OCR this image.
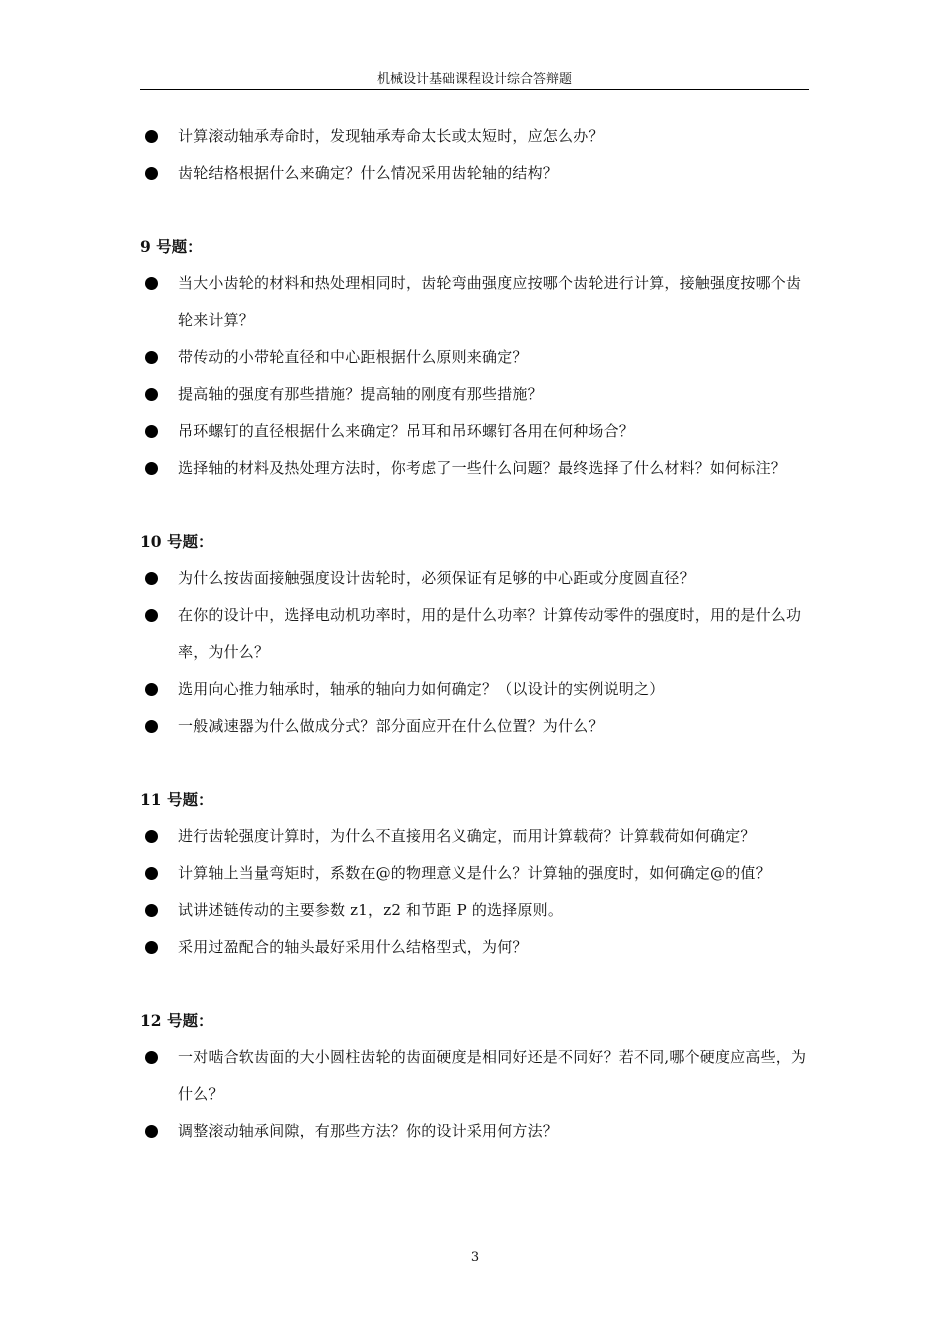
机械设计基础课程设计综合答辩题
计算滚动轴承寿命时，发现轴承寿命太长或太短时，应怎么办？
齿轮结格根据什么来确定？什么情况采用齿轮轴的结构？
9 号题：
当大小齿轮的材料和热处理相同时，齿轮弯曲强度应按哪个齿轮进行计算，接触强度按哪个齿轮来计算？
带传动的小带轮直径和中心距根据什么原则来确定？
提高轴的强度有那些措施？提高轴的刚度有那些措施？
吊环螺钉的直径根据什么来确定？吊耳和吊环螺钉各用在何种场合？
选择轴的材料及热处理方法时，你考虑了一些什么问题？最终选择了什么材料？如何标注？
10 号题：
为什么按齿面接触强度设计齿轮时，必须保证有足够的中心距或分度圆直径？
在你的设计中，选择电动机功率时，用的是什么功率？计算传动零件的强度时，用的是什么功率，为什么？
选用向心推力轴承时，轴承的轴向力如何确定？（以设计的实例说明之）
一般减速器为什么做成分式？部分面应开在什么位置？为什么？
11 号题：
进行齿轮强度计算时，为什么不直接用名义确定，而用计算载荷？计算载荷如何确定？
计算轴上当量弯矩时，系数在@的物理意义是什么？计算轴的强度时，如何确定@的值？
试讲述链传动的主要参数 z1，z2 和节距 P 的选择原则。
采用过盈配合的轴头最好采用什么结格型式，为何？
12 号题：
一对啮合软齿面的大小圆柱齿轮的齿面硬度是相同好还是不同好？若不同,哪个硬度应高些，为什么？
调整滚动轴承间隙，有那些方法？你的设计采用何方法？
3
